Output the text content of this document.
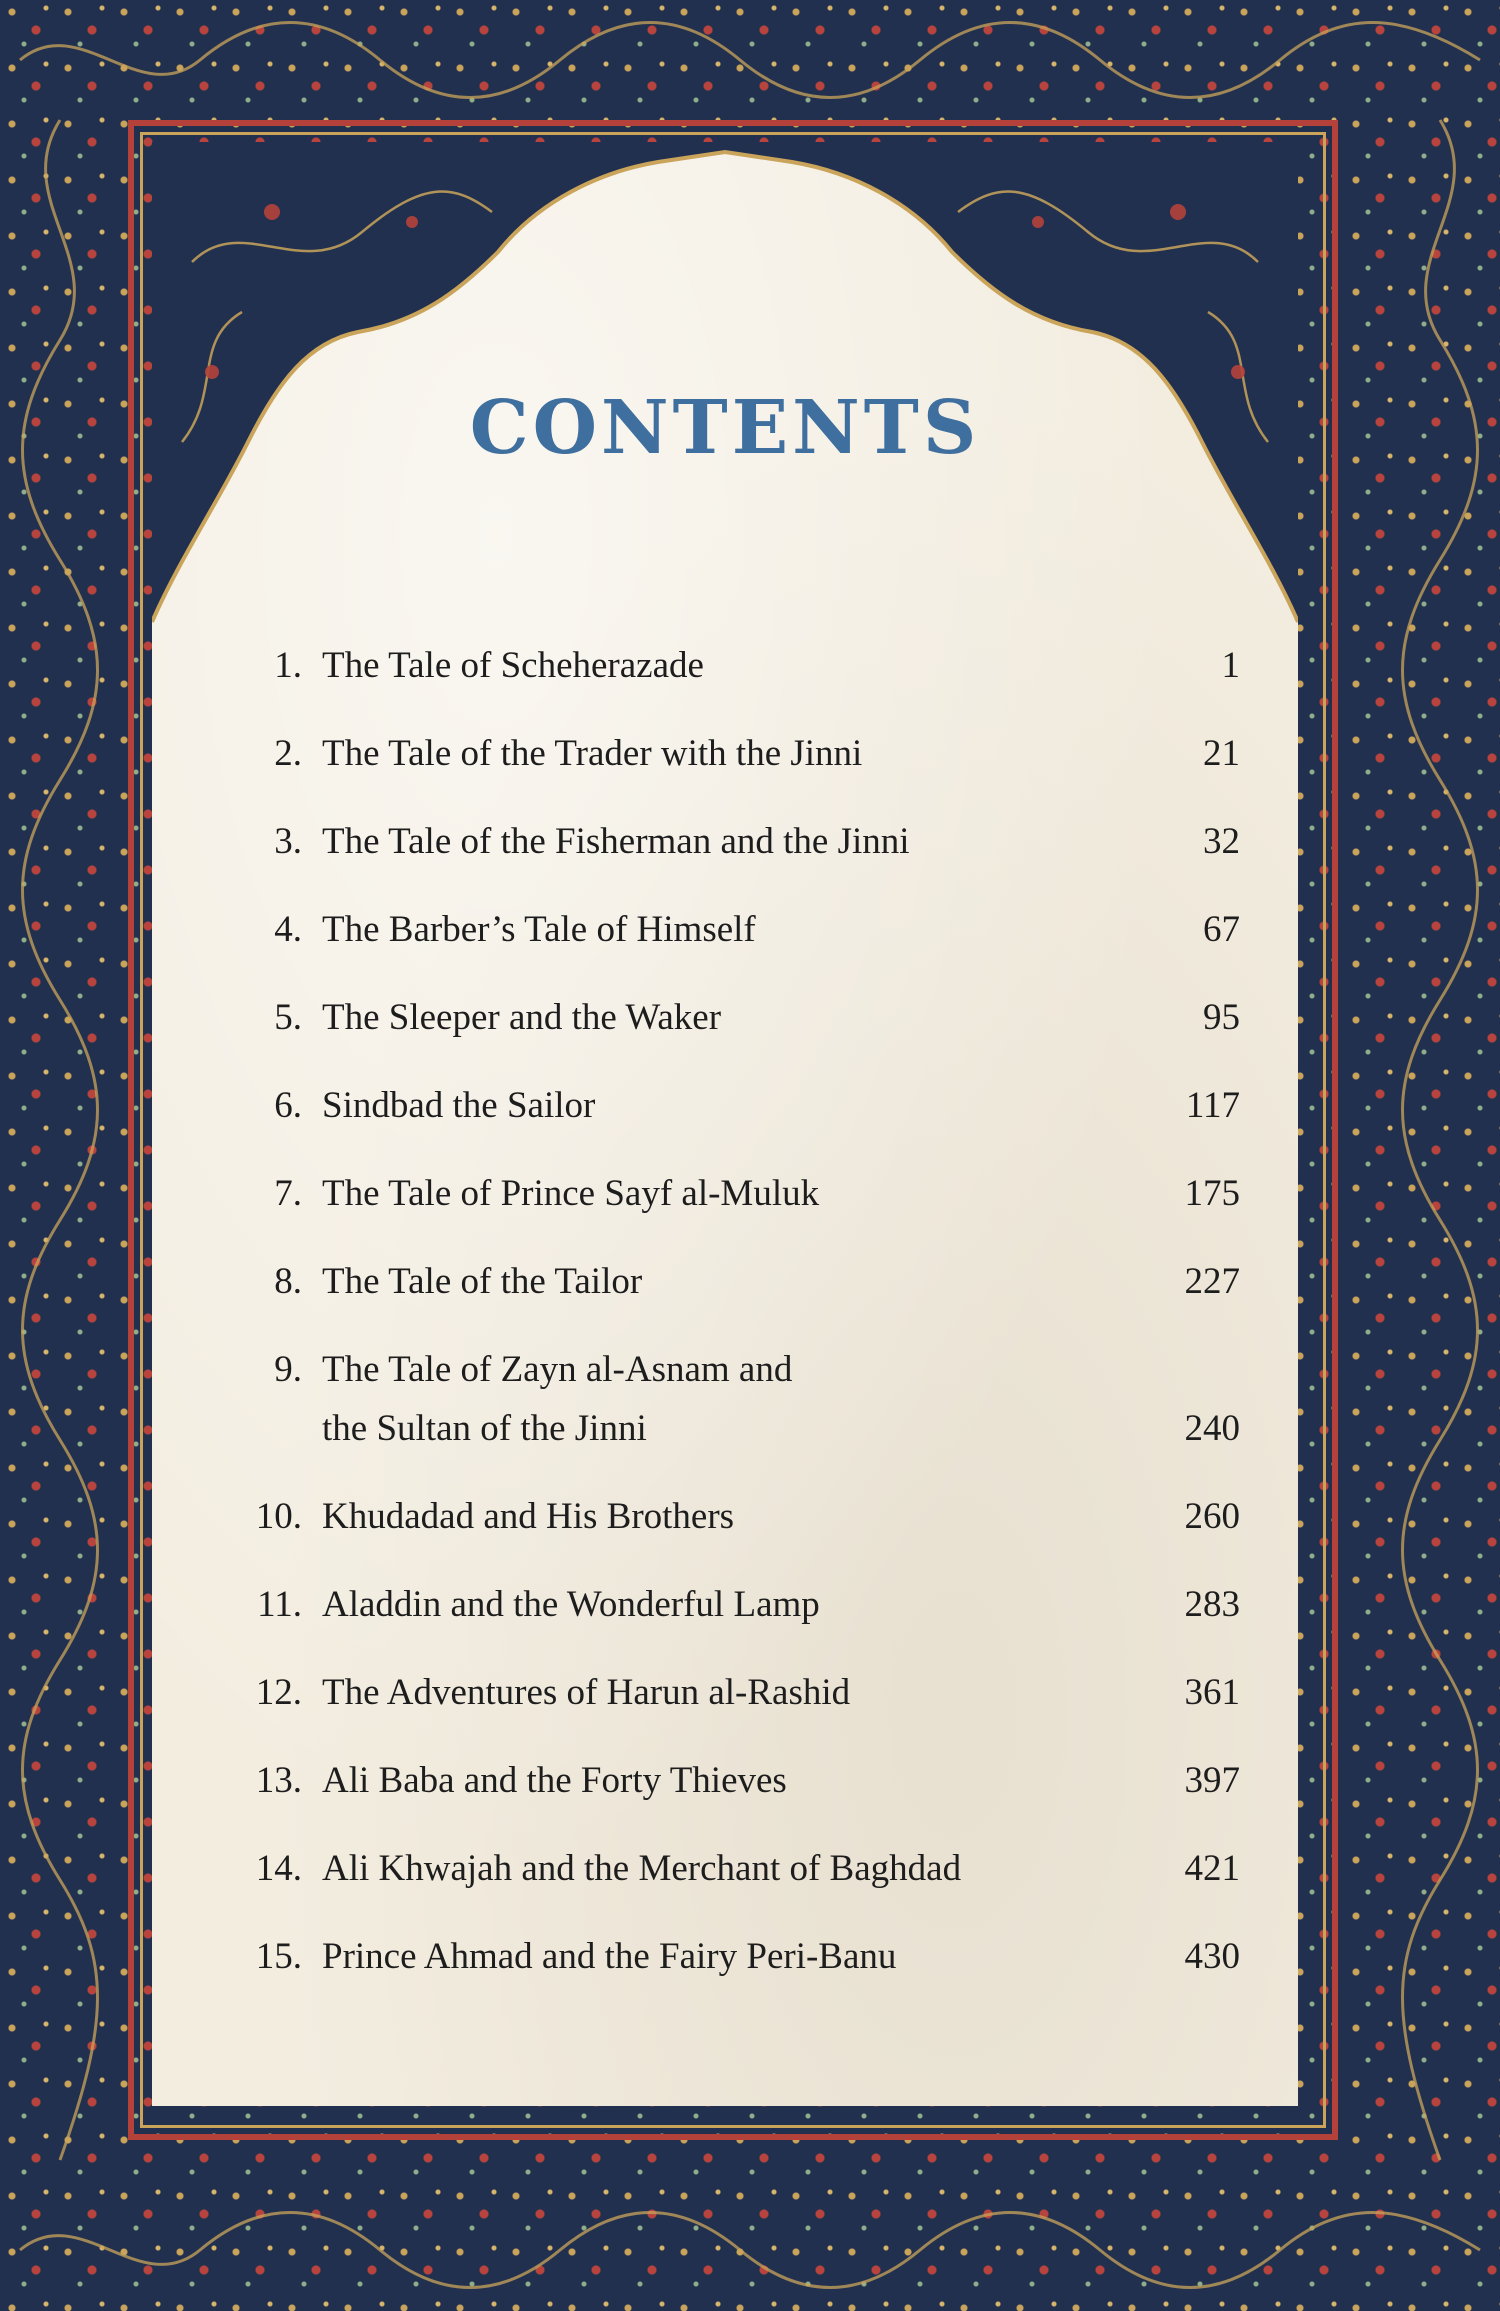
CONTENTS
1. The Tale of Scheherazade	1
2. The Tale of the Trader with the Jinni	21
3. The Tale of the Fisherman and the Jinni	32
4. The Barber’s Tale of Himself	67
5. The Sleeper and the Waker	95
6. Sindbad the Sailor	117
7. The Tale of Prince Sayf al-Muluk	175
8. The Tale of the Tailor	227
9. The Tale of Zayn al-Asnam and
the Sultan of the Jinni	240
10. Khudadad and His Brothers	260
11. Aladdin and the Wonderful Lamp	283
12. The Adventures of Harun al-Rashid	361
13. Ali Baba and the Forty Thieves	397
14. Ali Khwajah and the Merchant of Baghdad	421
15. Prince Ahmad and the Fairy Peri-Banu	430
